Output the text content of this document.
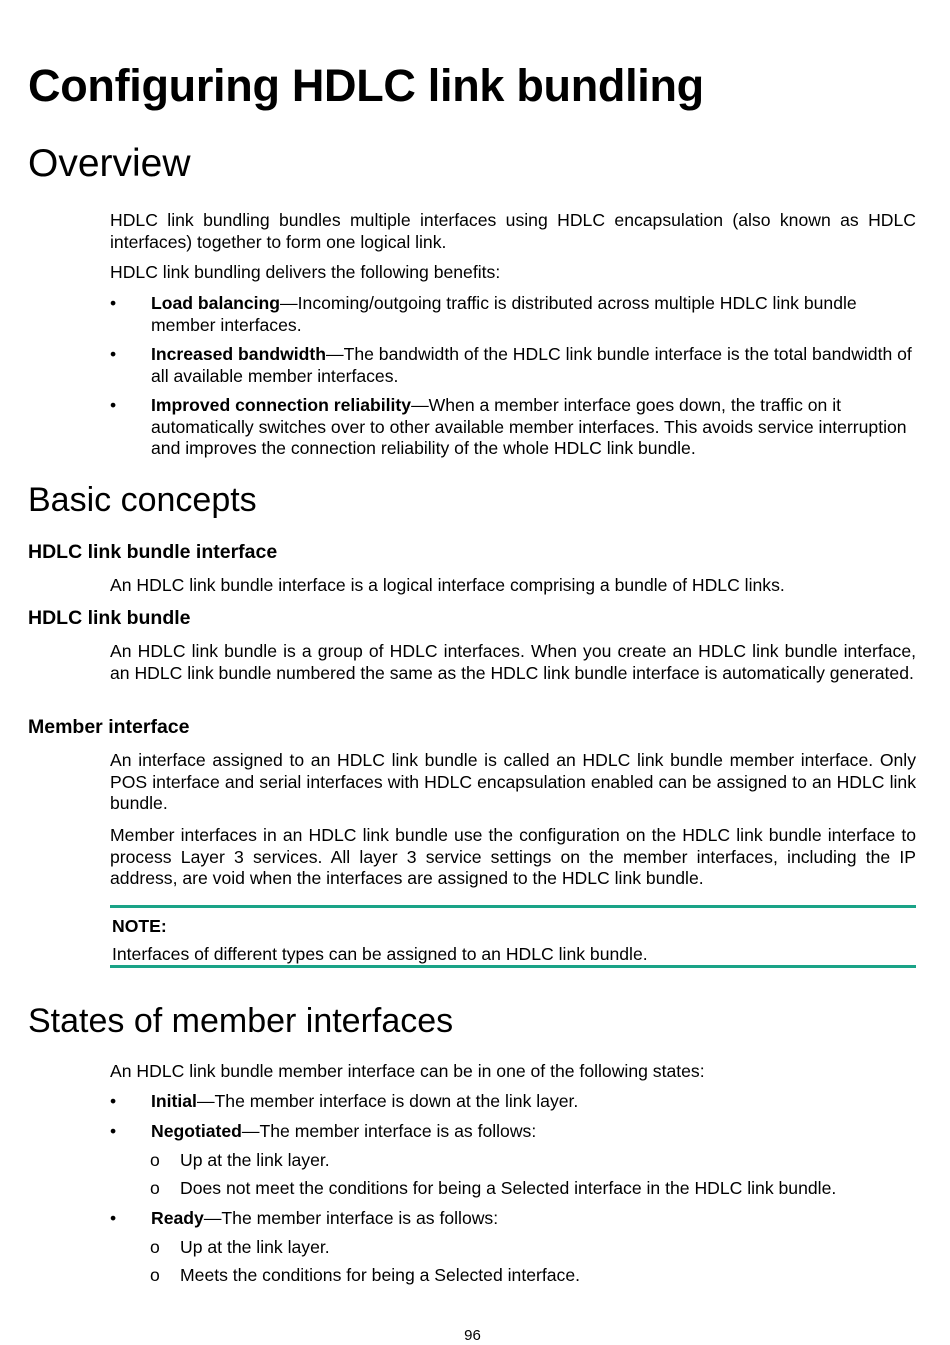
Configuring HDLC link bundling
Overview
HDLC link bundling bundles multiple interfaces using HDLC encapsulation (also known as HDLC interfaces) together to form one logical link.
HDLC link bundling delivers the following benefits:
•	Load balancing—Incoming/outgoing traffic is distributed across multiple HDLC link bundle member interfaces.
•	Increased bandwidth—The bandwidth of the HDLC link bundle interface is the total bandwidth of all available member interfaces.
•	Improved connection reliability—When a member interface goes down, the traffic on it automatically switches over to other available member interfaces. This avoids service interruption and improves the connection reliability of the whole HDLC link bundle.
Basic concepts
HDLC link bundle interface
An HDLC link bundle interface is a logical interface comprising a bundle of HDLC links.
HDLC link bundle
An HDLC link bundle is a group of HDLC interfaces. When you create an HDLC link bundle interface, an HDLC link bundle numbered the same as the HDLC link bundle interface is automatically generated.
Member interface
An interface assigned to an HDLC link bundle is called an HDLC link bundle member interface. Only POS interface and serial interfaces with HDLC encapsulation enabled can be assigned to an HDLC link bundle.
Member interfaces in an HDLC link bundle use the configuration on the HDLC link bundle interface to process Layer 3 services. All layer 3 service settings on the member interfaces, including the IP address, are void when the interfaces are assigned to the HDLC link bundle.
NOTE:
Interfaces of different types can be assigned to an HDLC link bundle.
States of member interfaces
An HDLC link bundle member interface can be in one of the following states:
•	Initial—The member interface is down at the link layer.
•	Negotiated—The member interface is as follows:
o Up at the link layer.
o Does not meet the conditions for being a Selected interface in the HDLC link bundle.
•	Ready—The member interface is as follows:
o Up at the link layer.
o Meets the conditions for being a Selected interface.
96
